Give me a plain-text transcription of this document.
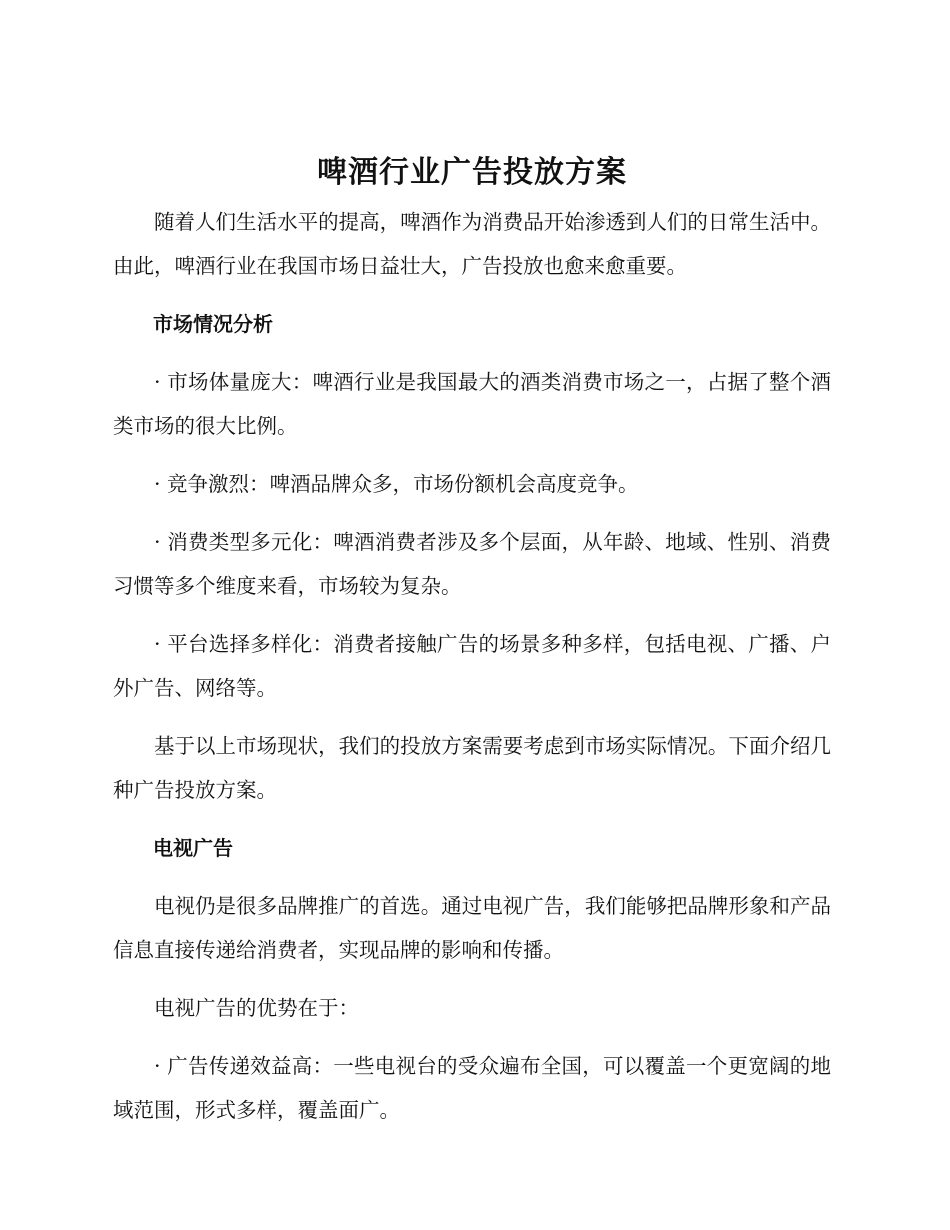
啤酒行业广告投放方案

随着人们生活水平的提高，啤酒作为消费品开始渗透到人们的日常生活中。由此，啤酒行业在我国市场日益壮大，广告投放也愈来愈重要。

市场情况分析

· 市场体量庞大：啤酒行业是我国最大的酒类消费市场之一，占据了整个酒类市场的很大比例。

· 竞争激烈：啤酒品牌众多，市场份额机会高度竞争。

· 消费类型多元化：啤酒消费者涉及多个层面，从年龄、地域、性别、消费习惯等多个维度来看，市场较为复杂。

· 平台选择多样化：消费者接触广告的场景多种多样，包括电视、广播、户外广告、网络等。

基于以上市场现状，我们的投放方案需要考虑到市场实际情况。下面介绍几种广告投放方案。

电视广告

电视仍是很多品牌推广的首选。通过电视广告，我们能够把品牌形象和产品信息直接传递给消费者，实现品牌的影响和传播。

电视广告的优势在于：

· 广告传递效益高：一些电视台的受众遍布全国，可以覆盖一个更宽阔的地域范围，形式多样，覆盖面广。
